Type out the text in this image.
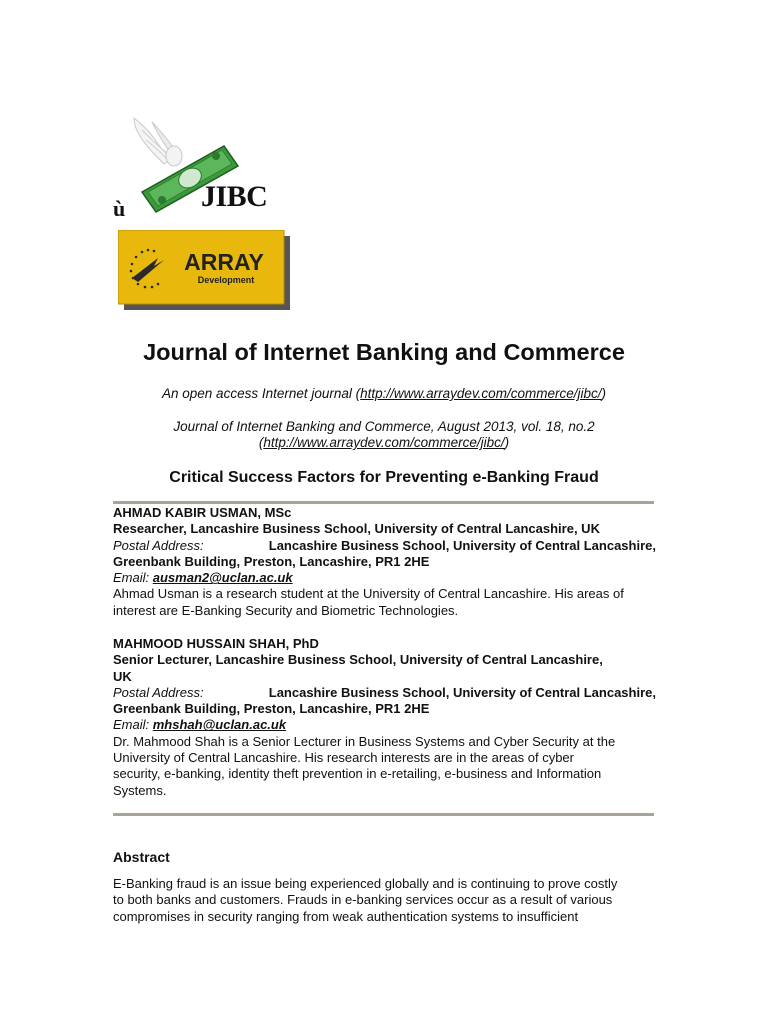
ù	JIBC
ARRAY
Development
Journal of Internet Banking and Commerce
An open access Internet journal (http://www.arraydev.com/commerce/jibc/)
Journal of Internet Banking and Commerce, August 2013, vol. 18, no.2
(http://www.arraydev.com/commerce/jibc/)
Critical Success Factors for Preventing e-Banking Fraud
AHMAD KABIR USMAN, MSc
Researcher, Lancashire Business School, University of Central Lancashire, UK
Postal Address:	Lancashire Business School, University of Central Lancashire,
Greenbank Building, Preston, Lancashire, PR1 2HE
Email: ausman2@uclan.ac.uk
Ahmad Usman is a research student at the University of Central Lancashire. His areas of
interest are E-Banking Security and Biometric Technologies.
MAHMOOD HUSSAIN SHAH, PhD
Senior Lecturer, Lancashire Business School, University of Central Lancashire,
UK
Postal Address:	Lancashire Business School, University of Central Lancashire,
Greenbank Building, Preston, Lancashire, PR1 2HE
Email: mhshah@uclan.ac.uk
Dr. Mahmood Shah is a Senior Lecturer in Business Systems and Cyber Security at the
University of Central Lancashire. His research interests are in the areas of cyber
security, e-banking, identity theft prevention in e-retailing, e-business and Information
Systems.
Abstract
E-Banking fraud is an issue being experienced globally and is continuing to prove costly
to both banks and customers. Frauds in e-banking services occur as a result of various
compromises in security ranging from weak authentication systems to insufficient
